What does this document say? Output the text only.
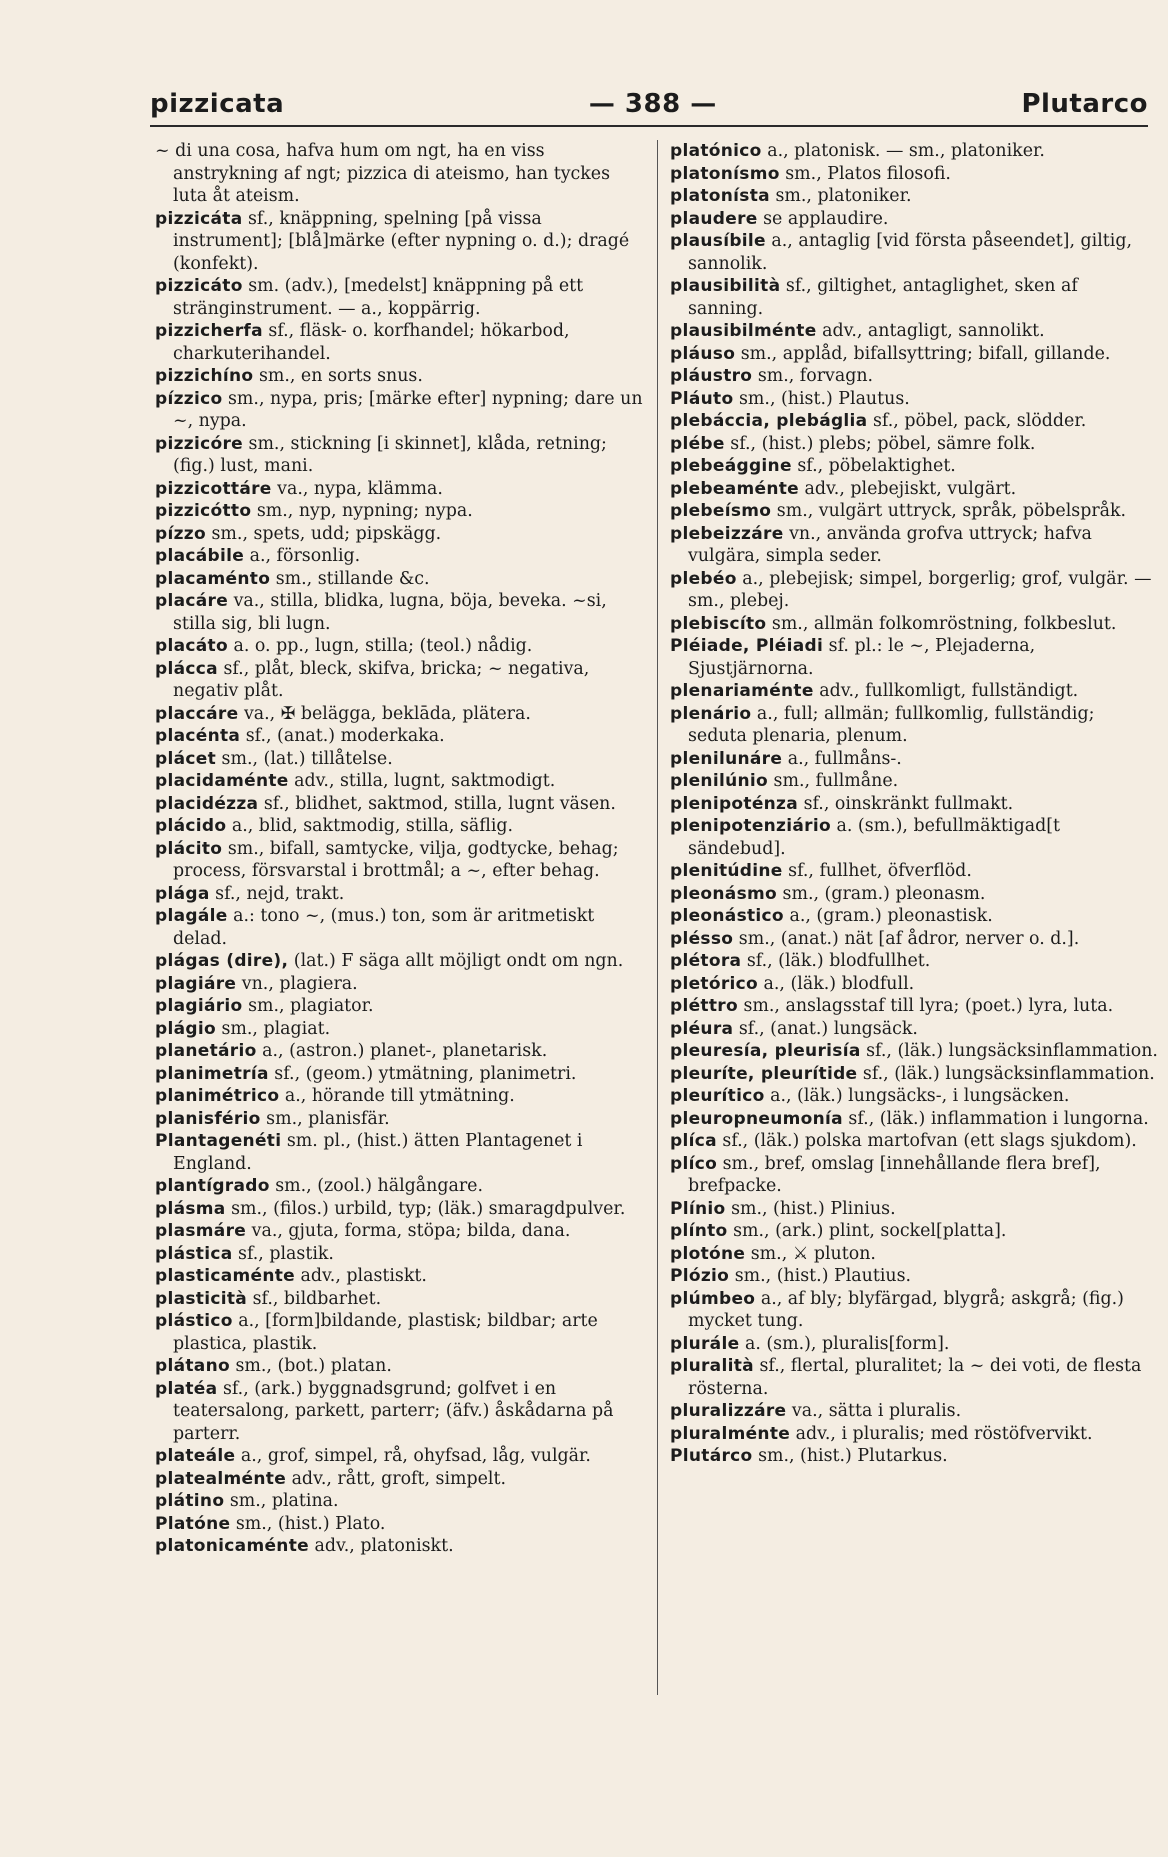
pizzicata	— 388 —	Plutarco

~ di una cosa, hafva hum om ngt, ha en viss anstrykning af ngt; pizzica di ateismo, han tyckes luta åt ateism.

pizzicáta sf., knäppning, spelning [på vissa instrument]; [blå]märke (efter nypning o. d.); dragé (konfekt).

pizzicáto sm. (adv.), [medelst] knäppning på ett stränginstrument. — a., koppärrig.

pizzicherfa sf., fläsk- o. korfhandel; hökarbod, charkuterihandel.

pizzichíno sm., en sorts snus.

pízzico sm., nypa, pris; [märke efter] nypning; dare un ~, nypa.

pizzicóre sm., stickning [i skinnet], klåda, retning; (fig.) lust, mani.

pizzicottáre va., nypa, klämma.

pizzicótto sm., nyp, nypning; nypa.

pízzo sm., spets, udd; pipskägg.

placábile a., försonlig.

placaménto sm., stillande &c.

placáre va., stilla, blidka, lugna, böja, beveka. ~si, stilla sig, bli lugn.

placáto a. o. pp., lugn, stilla; (teol.) nådig.

plácca sf., plåt, bleck, skifva, bricka; ~ negativa, negativ plåt.

placcáre va., ✠ belägga, beklāda, plätera.

placénta sf., (anat.) moderkaka.

plácet sm., (lat.) tillåtelse.

placidaménte adv., stilla, lugnt, saktmodigt.

placidézza sf., blidhet, saktmod, stilla, lugnt väsen.

plácido a., blid, saktmodig, stilla, säflig.

plácito sm., bifall, samtycke, vilja, godtycke, behag; process, försvarstal i brottmål; a ~, efter behag.

plága sf., nejd, trakt.

plagále a.: tono ~, (mus.) ton, som är aritmetiskt delad.

plágas (dire), (lat.) F säga allt möjligt ondt om ngn.

plagiáre vn., plagiera.

plagiário sm., plagiator.

plágio sm., plagiat.

planetário a., (astron.) planet-, planetarisk.

planimetría sf., (geom.) ytmätning, planimetri.

planimétrico a., hörande till ytmätning.

planisfério sm., planisfär.

Plantagenéti sm. pl., (hist.) ätten Plantagenet i England.

plantígrado sm., (zool.) hälgångare.

plásma sm., (filos.) urbild, typ; (läk.) smaragdpulver.

plasmáre va., gjuta, forma, stöpa; bilda, dana.

plástica sf., plastik.

plasticaménte adv., plastiskt.

plasticità sf., bildbarhet.

plástico a., [form]bildande, plastisk; bildbar; arte plastica, plastik.

plátano sm., (bot.) platan.

platéa sf., (ark.) byggnadsgrund; golfvet i en teatersalong, parkett, parterr; (äfv.) åskådarna på parterr.

plateále a., grof, simpel, rå, ohyfsad, låg, vulgär.

platealménte adv., rått, groft, simpelt.

plátino sm., platina.

Platóne sm., (hist.) Plato.

platonicaménte adv., platoniskt.

platónico a., platonisk. — sm., platoniker.

platonísmo sm., Platos filosofi.

platonísta sm., platoniker.

plaudere se applaudire.

plausíbile a., antaglig [vid första påseendet], giltig, sannolik.

plausibilità sf., giltighet, antaglighet, sken af sanning.

plausibilménte adv., antagligt, sannolikt.

pláuso sm., applåd, bifallsyttring; bifall, gillande.

pláustro sm., forvagn.

Pláuto sm., (hist.) Plautus.

plebáccia, plebáglia sf., pöbel, pack, slödder.

plébe sf., (hist.) plebs; pöbel, sämre folk.

plebeággine sf., pöbelaktighet.

plebeaménte adv., plebejiskt, vulgärt.

plebeísmo sm., vulgärt uttryck, språk, pöbelspråk.

plebeizzáre vn., använda grofva uttryck; hafva vulgära, simpla seder.

plebéo a., plebejisk; simpel, borgerlig; grof, vulgär. — sm., plebej.

plebiscíto sm., allmän folkomröstning, folkbeslut.

Pléiade, Pléiadi sf. pl.: le ~, Plejaderna, Sjustjärnorna.

plenariaménte adv., fullkomligt, fullständigt.

plenário a., full; allmän; fullkomlig, fullständig; seduta plenaria, plenum.

plenilunáre a., fullmåns-.

plenilúnio sm., fullmåne.

plenipoténza sf., oinskränkt fullmakt.

plenipotenziário a. (sm.), befullmäktigad[t sändebud].

plenitúdine sf., fullhet, öfverflöd.

pleonásmo sm., (gram.) pleonasm.

pleonástico a., (gram.) pleonastisk.

plésso sm., (anat.) nät [af ådror, nerver o. d.].

plétora sf., (läk.) blodfullhet.

pletórico a., (läk.) blodfull.

pléttro sm., anslagsstaf till lyra; (poet.) lyra, luta.

pléura sf., (anat.) lungsäck.

pleuresía, pleurisía sf., (läk.) lungsäcksinflammation.

pleuríte, pleurítide sf., (läk.) lungsäcksinflammation.

pleurítico a., (läk.) lungsäcks-, i lungsäcken.

pleuropneumonía sf., (läk.) inflammation i lungorna.

plíca sf., (läk.) polska martofvan (ett slags sjukdom).

plíco sm., bref, omslag [innehållande flera bref], brefpacke.

Plínio sm., (hist.) Plinius.

plínto sm., (ark.) plint, sockel[platta].

plotóne sm., ⚔ pluton.

Plózio sm., (hist.) Plautius.

plúmbeo a., af bly; blyfärgad, blygrå; askgrå; (fig.) mycket tung.

plurále a. (sm.), pluralis[form].

pluralità sf., flertal, pluralitet; la ~ dei voti, de flesta rösterna.

pluralizzáre va., sätta i pluralis.

pluralménte adv., i pluralis; med röstöfvervikt.

Plutárco sm., (hist.) Plutarkus.
